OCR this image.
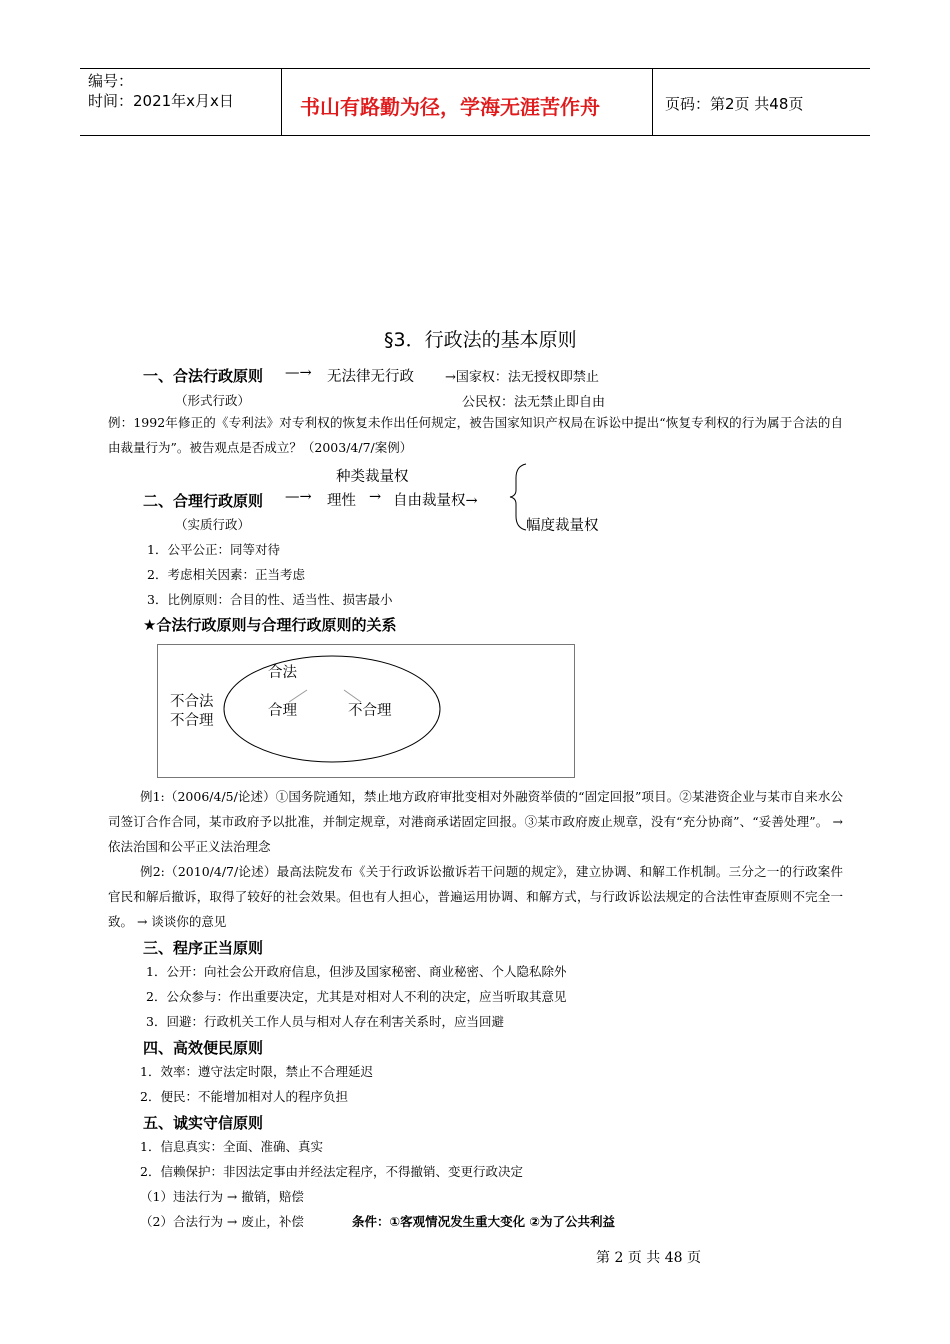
编号：
时间：2021年x月x日	书山有路勤为径，学海无涯苦作舟	页码：第2页 共48页
§3．行政法的基本原则
一、合法行政原则 —→ 无法律无行政 →国家权：法无授权即禁止
（形式行政）	公民权：法无禁止即自由
例：1992年修正的《专利法》对专利权的恢复未作出任何规定，被告国家知识产权局在诉讼中提出“恢复专利权的行为属于合法的自由裁量行为”。被告观点是否成立？（2003/4/7/案例）
种类裁量权
二、合理行政原则 —→ 理性 → 自由裁量权→
幅度裁量权
（实质行政）
1．公平公正：同等对待
2．考虑相关因素：正当考虑
3．比例原则：合目的性、适当性、损害最小
★合法行政原则与合理行政原则的关系
合法
不合法
不合理
合理	不合理
例1:（2006/4/5/论述）①国务院通知，禁止地方政府审批变相对外融资举债的“固定回报”项目。②某港资企业与某市自来水公司签订合作合同，某市政府予以批准，并制定规章，对港商承诺固定回报。③某市政府废止规章，没有“充分协商”、“妥善处理”。 → 依法治国和公平正义法治理念
例2:（2010/4/7/论述）最高法院发布《关于行政诉讼撤诉若干问题的规定》，建立协调、和解工作机制。三分之一的行政案件官民和解后撤诉，取得了较好的社会效果。但也有人担心，普遍运用协调、和解方式，与行政诉讼法规定的合法性审查原则不完全一致。 → 谈谈你的意见
三、程序正当原则
1．公开：向社会公开政府信息，但涉及国家秘密、商业秘密、个人隐私除外
2．公众参与：作出重要决定，尤其是对相对人不利的决定，应当听取其意见
3．回避：行政机关工作人员与相对人存在利害关系时，应当回避
四、高效便民原则
1．效率：遵守法定时限，禁止不合理延迟
2．便民：不能增加相对人的程序负担
五、诚实守信原则
1．信息真实：全面、准确、真实
2．信赖保护：非因法定事由并经法定程序，不得撤销、变更行政决定
（1）违法行为 → 撤销，赔偿
（2）合法行为 → 废止，补偿	条件：①客观情况发生重大变化 ②为了公共利益
第 2 页 共 48 页
